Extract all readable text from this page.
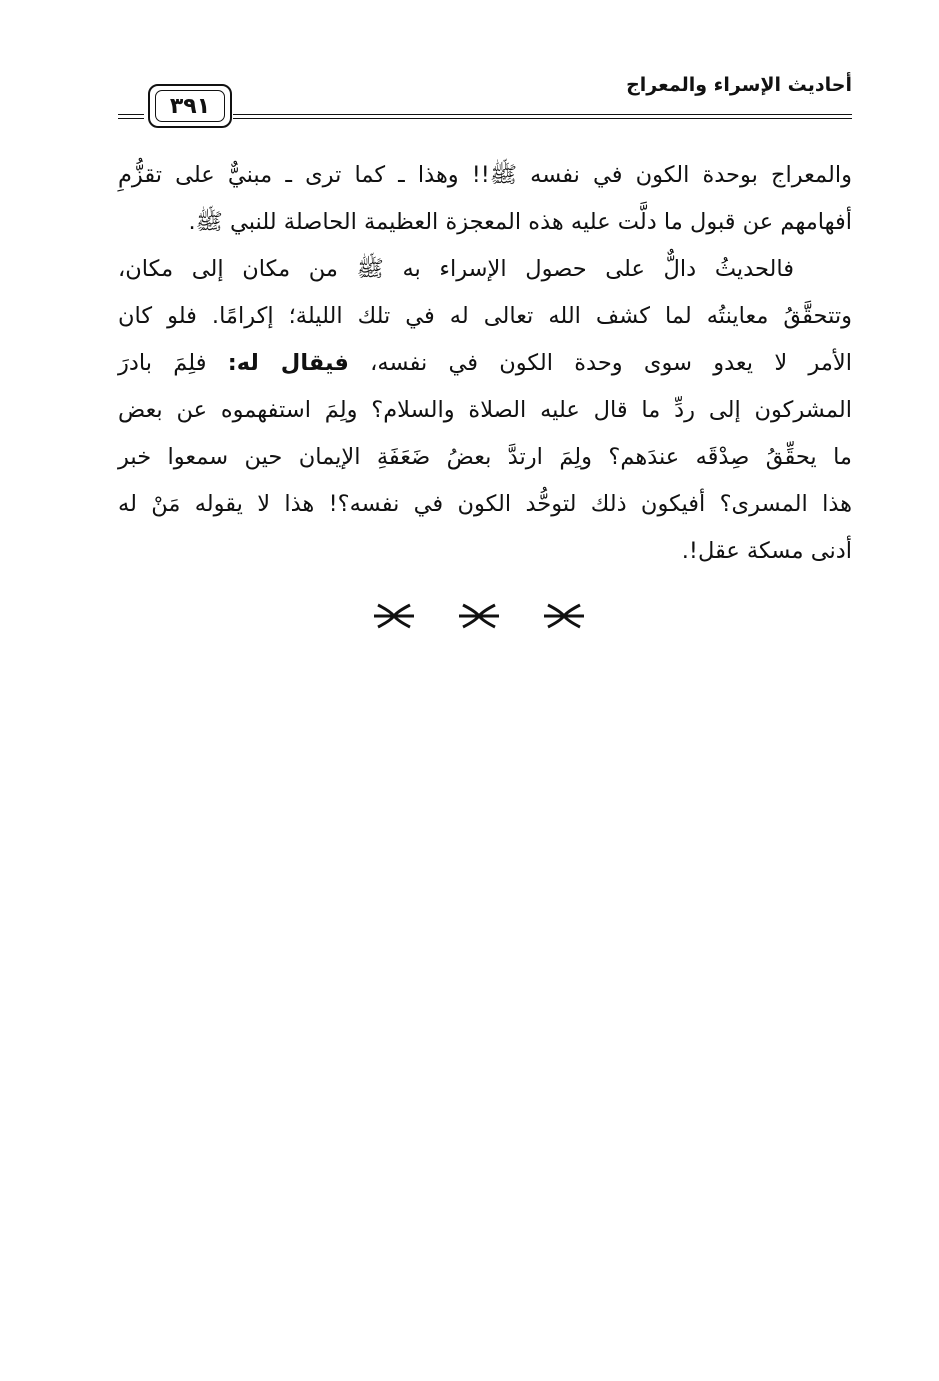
أحاديث الإسراء والمعراج
٣٩١
والمعراج بوحدة الكون في نفسه ﷺ!! وهذا ـ كما ترى ـ مبنيٌّ على تقزُّمِ
أفهامهم عن قبول ما دلَّت عليه هذه المعجزة العظيمة الحاصلة للنبي ﷺ.
فالحديثُ دالٌّ على حصول الإسراء به ﷺ من مكان إلى مكان،
وتتحقَّقُ معاينتُه لما كشف الله تعالى له في تلك الليلة؛ إكرامًا. فلو كان
الأمر لا يعدو سوى وحدة الكون في نفسه، فيقال له: فلِمَ بادرَ
المشركون إلى ردِّ ما قال عليه الصلاة والسلام؟ ولِمَ استفهموه عن بعض
ما يحقِّقُ صِدْقَه عندَهم؟ ولِمَ ارتدَّ بعضُ ضَعَفَةِ الإيمان حين سمعوا خبر
هذا المسرى؟ أفيكون ذلك لتوحُّد الكون في نفسه؟! هذا لا يقوله مَنْ له
أدنى مسكة عقل!.
